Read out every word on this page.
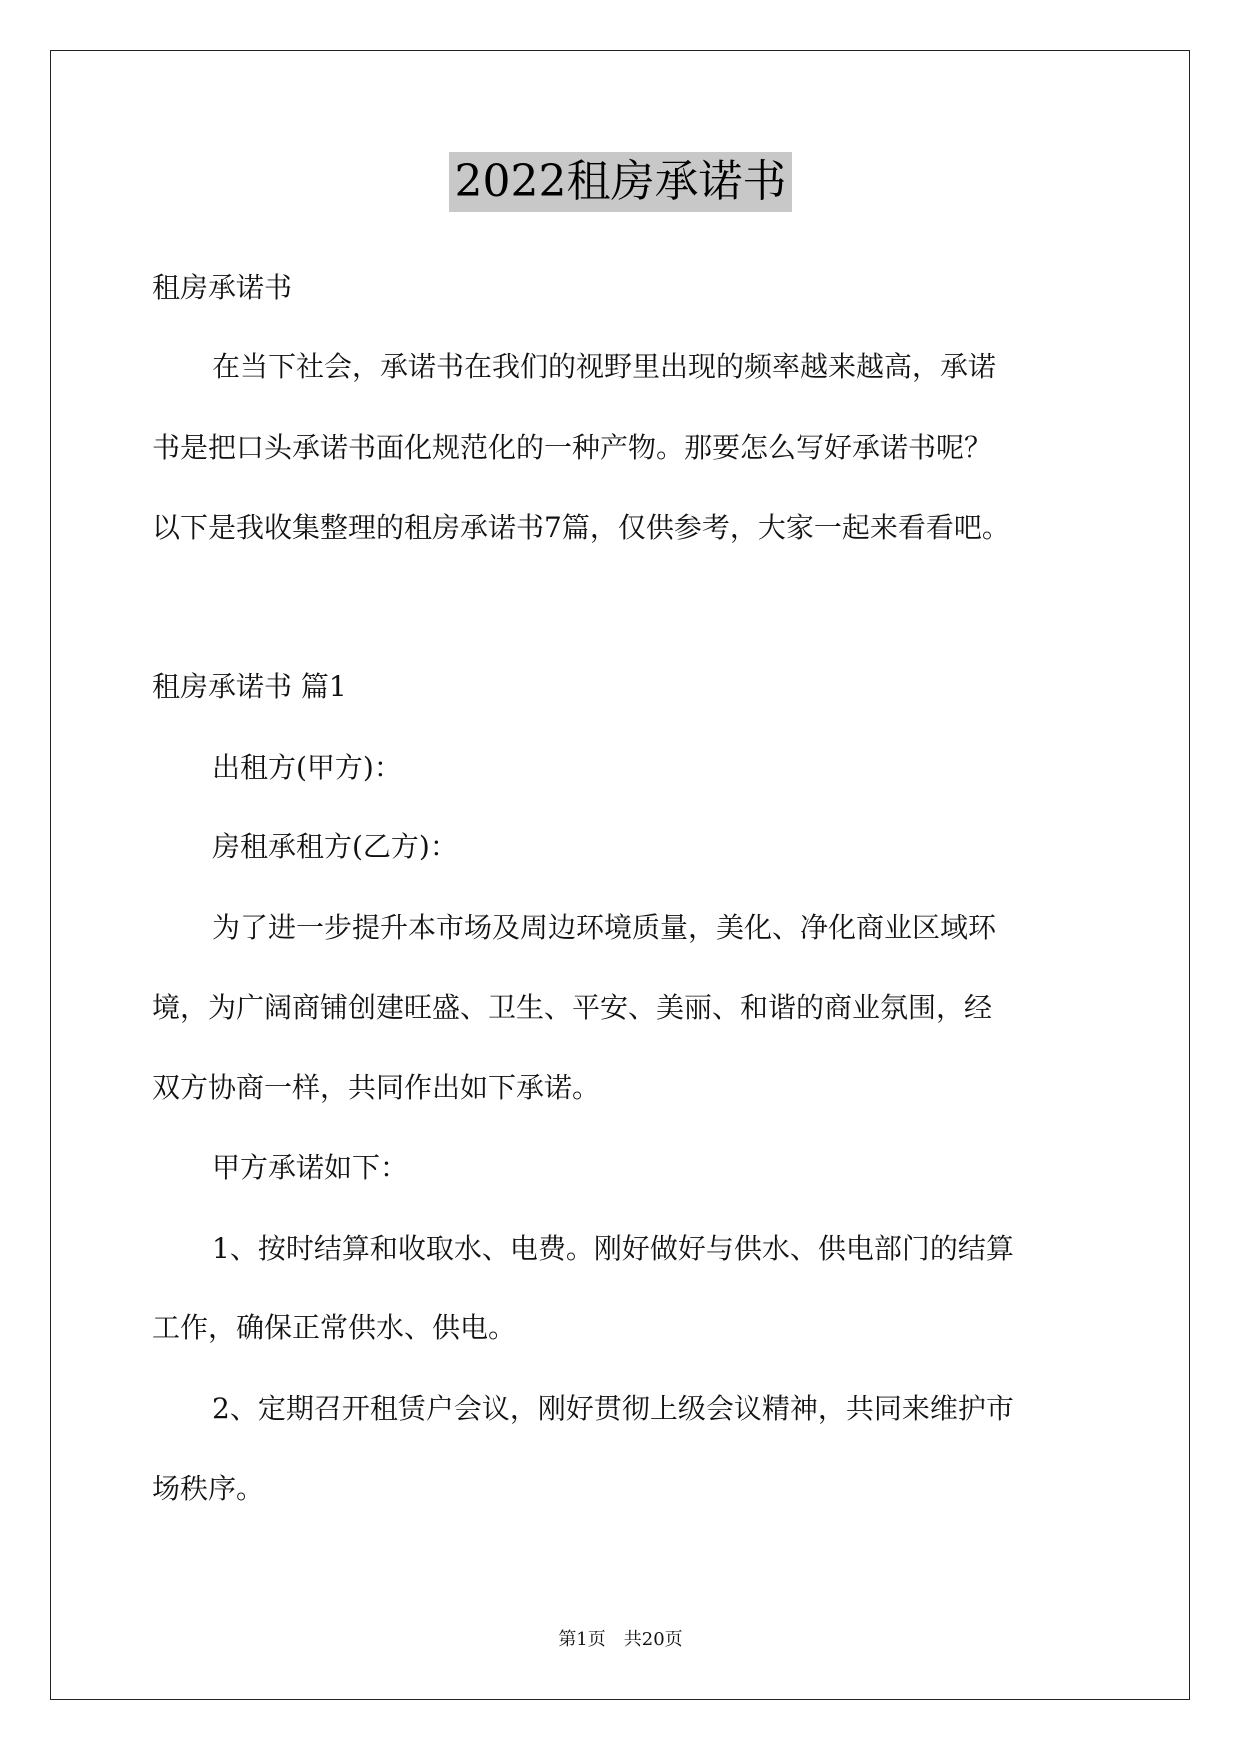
2022租房承诺书

租房承诺书

在当下社会，承诺书在我们的视野里出现的频率越来越高，承诺

书是把口头承诺书面化规范化的一种产物。那要怎么写好承诺书呢？

以下是我收集整理的租房承诺书7篇，仅供参考，大家一起来看看吧。

租房承诺书 篇1

出租方(甲方)：

房租承租方(乙方)：

为了进一步提升本市场及周边环境质量，美化、净化商业区域环

境，为广阔商铺创建旺盛、卫生、平安、美丽、和谐的商业氛围，经

双方协商一样，共同作出如下承诺。

甲方承诺如下：

1、按时结算和收取水、电费。刚好做好与供水、供电部门的结算

工作，确保正常供水、供电。

2、定期召开租赁户会议，刚好贯彻上级会议精神，共同来维护市

场秩序。

第1页　共20页
